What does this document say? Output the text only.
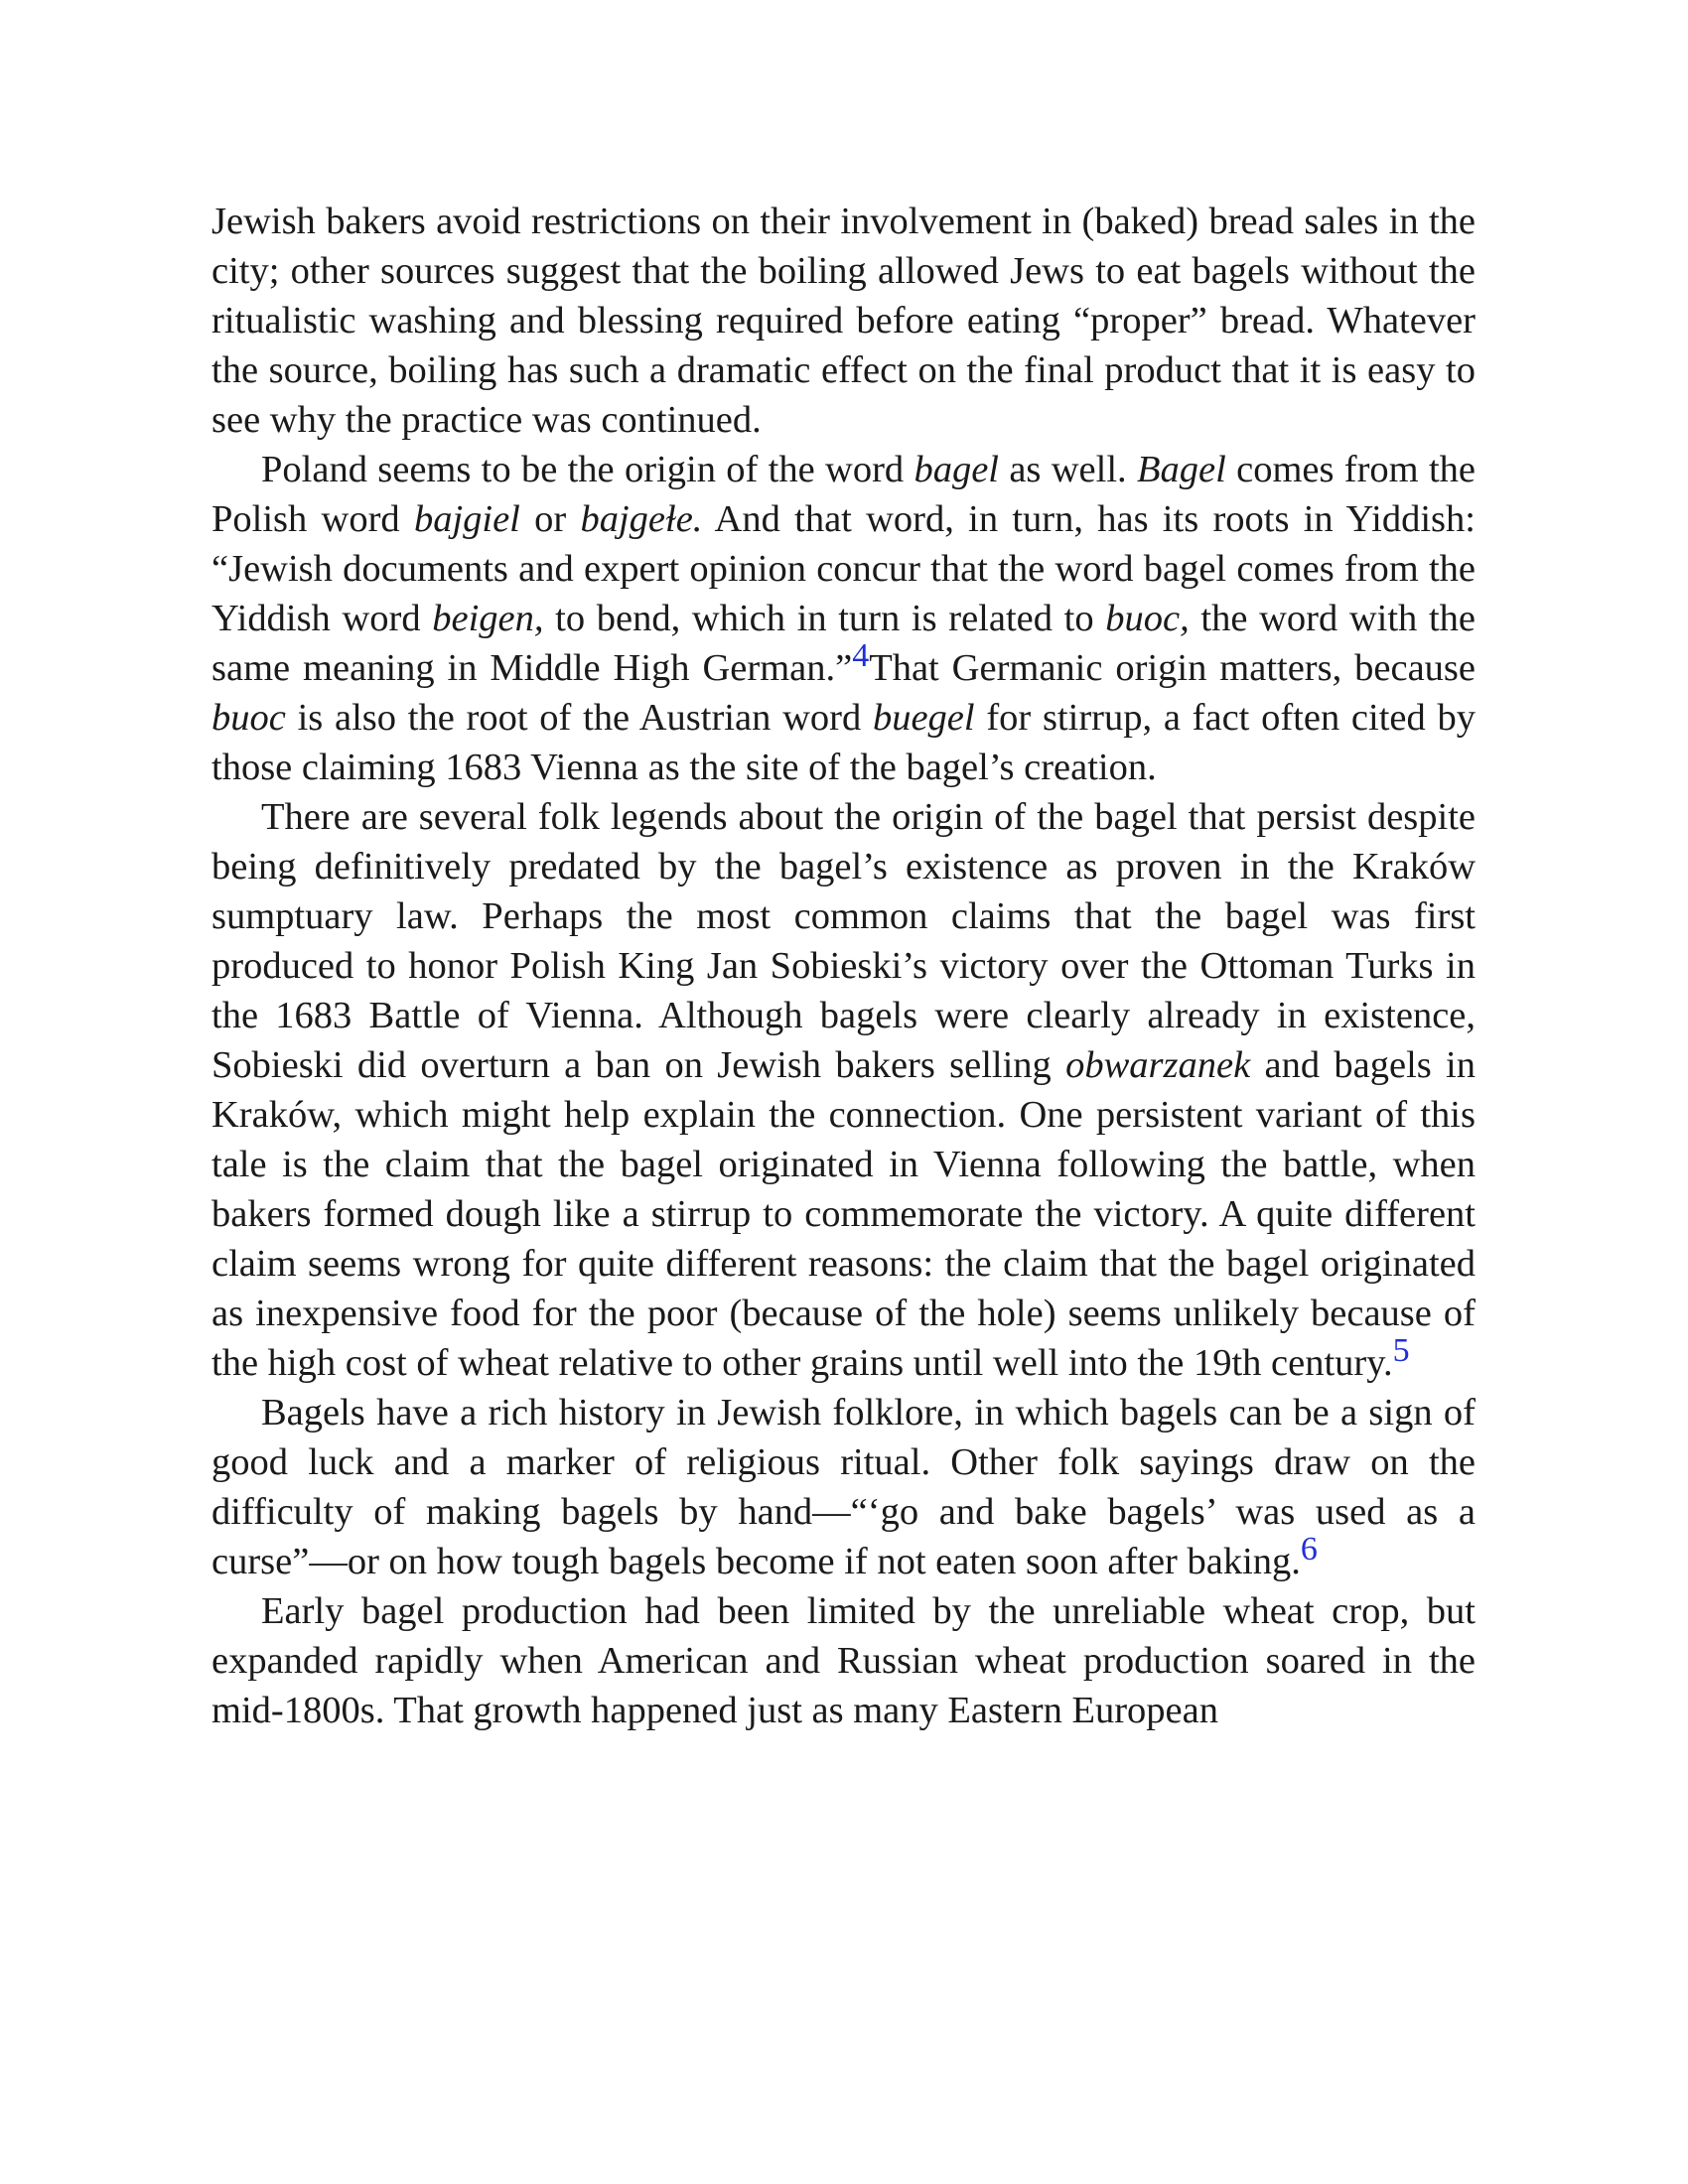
Jewish bakers avoid restrictions on their involvement in (baked) bread sales in the city; other sources suggest that the boiling allowed Jews to eat bagels without the ritualistic washing and blessing required before eating “proper” bread. Whatever the source, boiling has such a dramatic effect on the final product that it is easy to see why the practice was continued.

Poland seems to be the origin of the word bagel as well. Bagel comes from the Polish word bajgiel or bajgeɫe. And that word, in turn, has its roots in Yiddish: “Jewish documents and expert opinion concur that the word bagel comes from the Yiddish word beigen, to bend, which in turn is related to buoc, the word with the same meaning in Middle High German.”$^4$That Germanic origin matters, because buoc is also the root of the Austrian word buegel for stirrup, a fact often cited by those claiming 1683 Vienna as the site of the bagel’s creation.

There are several folk legends about the origin of the bagel that persist despite being definitively predated by the bagel’s existence as proven in the Kraków sumptuary law. Perhaps the most common claims that the bagel was first produced to honor Polish King Jan Sobieski’s victory over the Ottoman Turks in the 1683 Battle of Vienna. Although bagels were clearly already in existence, Sobieski did overturn a ban on Jewish bakers selling obwarzanek and bagels in Kraków, which might help explain the connection. One persistent variant of this tale is the claim that the bagel originated in Vienna following the battle, when bakers formed dough like a stirrup to commemorate the victory. A quite different claim seems wrong for quite different reasons: the claim that the bagel originated as inexpensive food for the poor (because of the hole) seems unlikely because of the high cost of wheat relative to other grains until well into the 19th century.$^5$

Bagels have a rich history in Jewish folklore, in which bagels can be a sign of good luck and a marker of religious ritual. Other folk sayings draw on the difficulty of making bagels by hand—“‘go and bake bagels’ was used as a curse”—or on how tough bagels become if not eaten soon after baking.$^6$

Early bagel production had been limited by the unreliable wheat crop, but expanded rapidly when American and Russian wheat production soared in the mid-1800s. That growth happened just as many Eastern European
